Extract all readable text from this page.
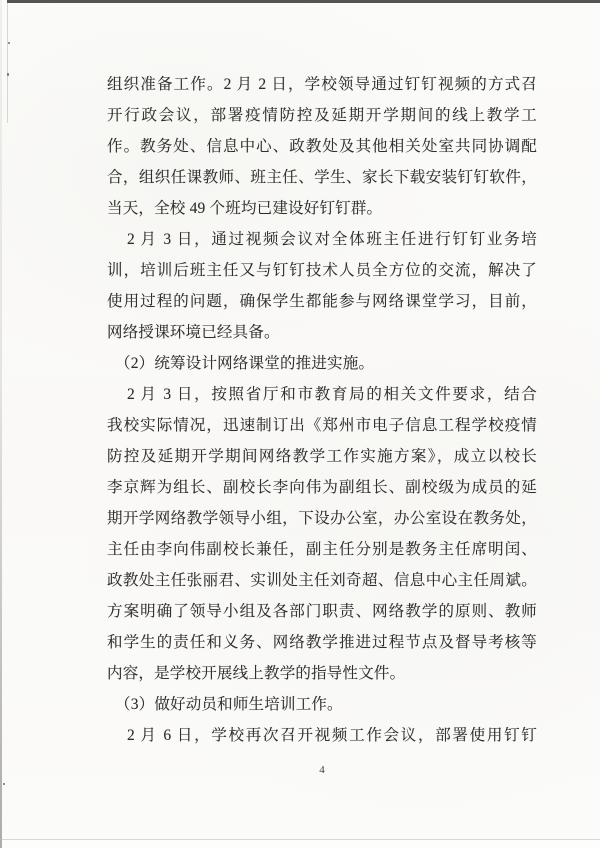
组织准备工作。2 月 2 日，学校领导通过钉钉视频的方式召
开行政会议，部署疫情防控及延期开学期间的线上教学工
作。教务处、信息中心、政教处及其他相关处室共同协调配
合，组织任课教师、班主任、学生、家长下载安装钉钉软件，
当天，全校 49 个班均已建设好钉钉群。
2 月 3 日，通过视频会议对全体班主任进行钉钉业务培
训，培训后班主任又与钉钉技术人员全方位的交流，解决了
使用过程的问题，确保学生都能参与网络课堂学习，目前，
网络授课环境已经具备。
（2）统筹设计网络课堂的推进实施。
2 月 3 日，按照省厅和市教育局的相关文件要求，结合
我校实际情况，迅速制订出《郑州市电子信息工程学校疫情
防控及延期开学期间网络教学工作实施方案》，成立以校长
李京辉为组长、副校长李向伟为副组长、副校级为成员的延
期开学网络教学领导小组，下设办公室，办公室设在教务处，
主任由李向伟副校长兼任，副主任分别是教务主任席明闰、
政教处主任张丽君、实训处主任刘奇超、信息中心主任周斌。
方案明确了领导小组及各部门职责、网络教学的原则、教师
和学生的责任和义务、网络教学推进过程节点及督导考核等
内容，是学校开展线上教学的指导性文件。
（3）做好动员和师生培训工作。
2 月 6 日，学校再次召开视频工作会议，部署使用钉钉
4
